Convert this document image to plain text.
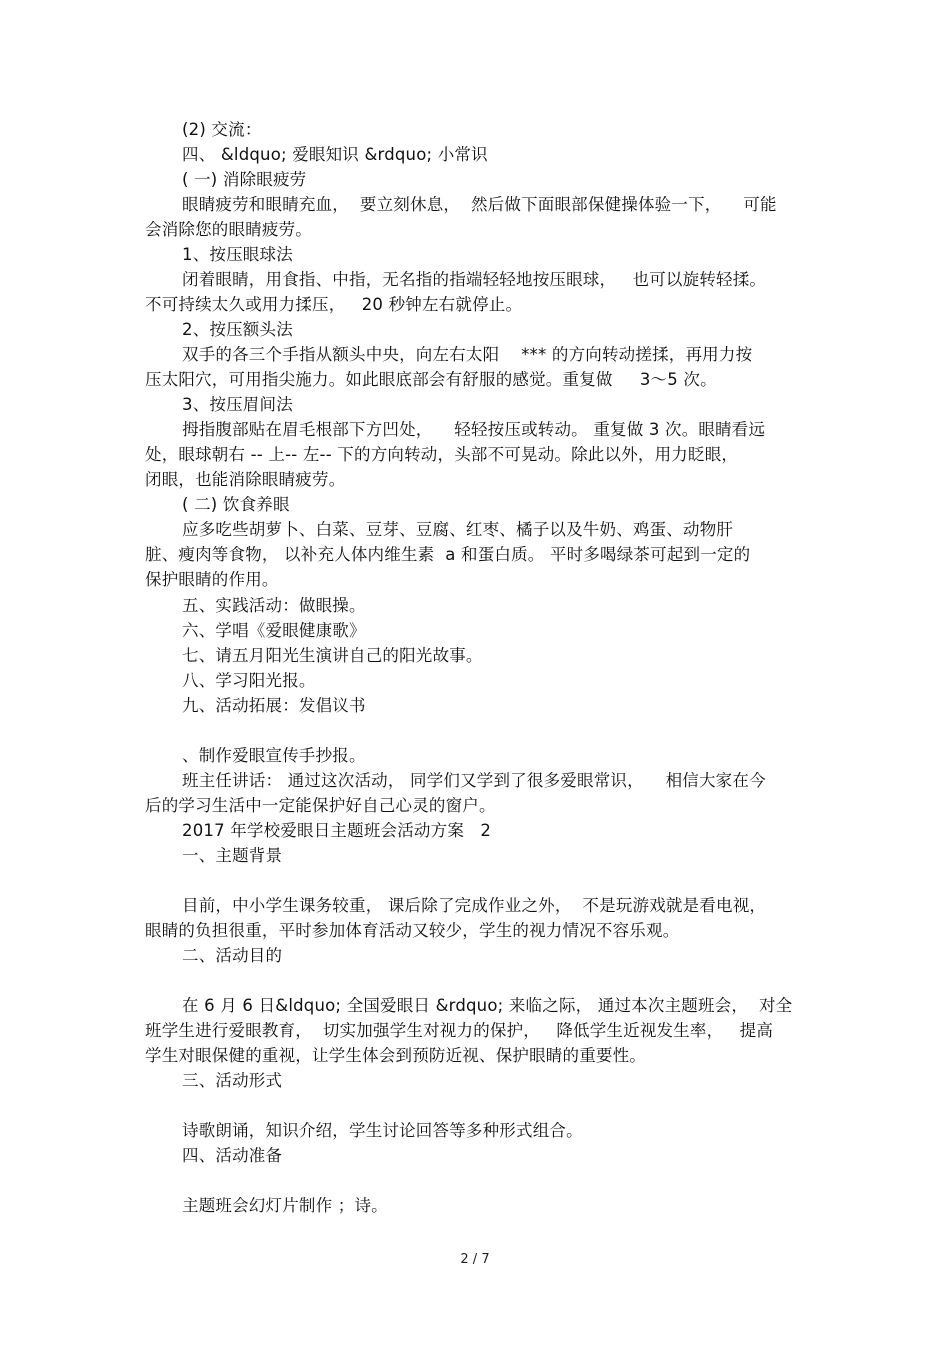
(2) 交流：
四、 &ldquo; 爱眼知识 &rdquo; 小常识
( 一) 消除眼疲劳
眼睛疲劳和眼睛充血，  要立刻休息，  然后做下面眼部保健操体验一下，    可能
会消除您的眼睛疲劳。
1、按压眼球法
闭着眼睛，用食指、中指，无名指的指端轻轻地按压眼球，   也可以旋转轻揉。
不可持续太久或用力揉压，   20 秒钟左右就停止。
2、按压额头法
双手的各三个手指从额头中央，向左右太阳    *** 的方向转动搓揉，再用力按
压太阳穴，可用指尖施力。如此眼底部会有舒服的感觉。重复做     3～5 次。
3、按压眉间法
拇指腹部贴在眉毛根部下方凹处，    轻轻按压或转动。 重复做 3 次。眼睛看远
处，眼球朝右 -- 上-- 左-- 下的方向转动，头部不可晃动。除此以外，用力眨眼，
闭眼，也能消除眼睛疲劳。
( 二) 饮食养眼
应多吃些胡萝卜、白菜、豆芽、豆腐、红枣、橘子以及牛奶、鸡蛋、动物肝
脏、瘦肉等食物， 以补充人体内维生素  a 和蛋白质。 平时多喝绿茶可起到一定的
保护眼睛的作用。
五、实践活动：做眼操。
六、学唱《爱眼健康歌》
七、请五月阳光生演讲自己的阳光故事。
八、学习阳光报。
九、活动拓展：发倡议书
、制作爱眼宣传手抄报。
班主任讲话： 通过这次活动， 同学们又学到了很多爱眼常识，    相信大家在今
后的学习生活中一定能保护好自己心灵的窗户。
2017 年学校爱眼日主题班会活动方案   2
一、主题背景
目前，中小学生课务较重， 课后除了完成作业之外，  不是玩游戏就是看电视，
眼睛的负担很重，平时参加体育活动又较少，学生的视力情况不容乐观。
二、活动目的
在 6 月 6 日&ldquo; 全国爱眼日 &rdquo; 来临之际， 通过本次主题班会，  对全
班学生进行爱眼教育，  切实加强学生对视力的保护，   降低学生近视发生率，   提高
学生对眼保健的重视，让学生体会到预防近视、保护眼睛的重要性。
三、活动形式
诗歌朗诵，知识介绍，学生讨论回答等多种形式组合。
四、活动准备
主题班会幻灯片制作 ；诗。
2 / 7
